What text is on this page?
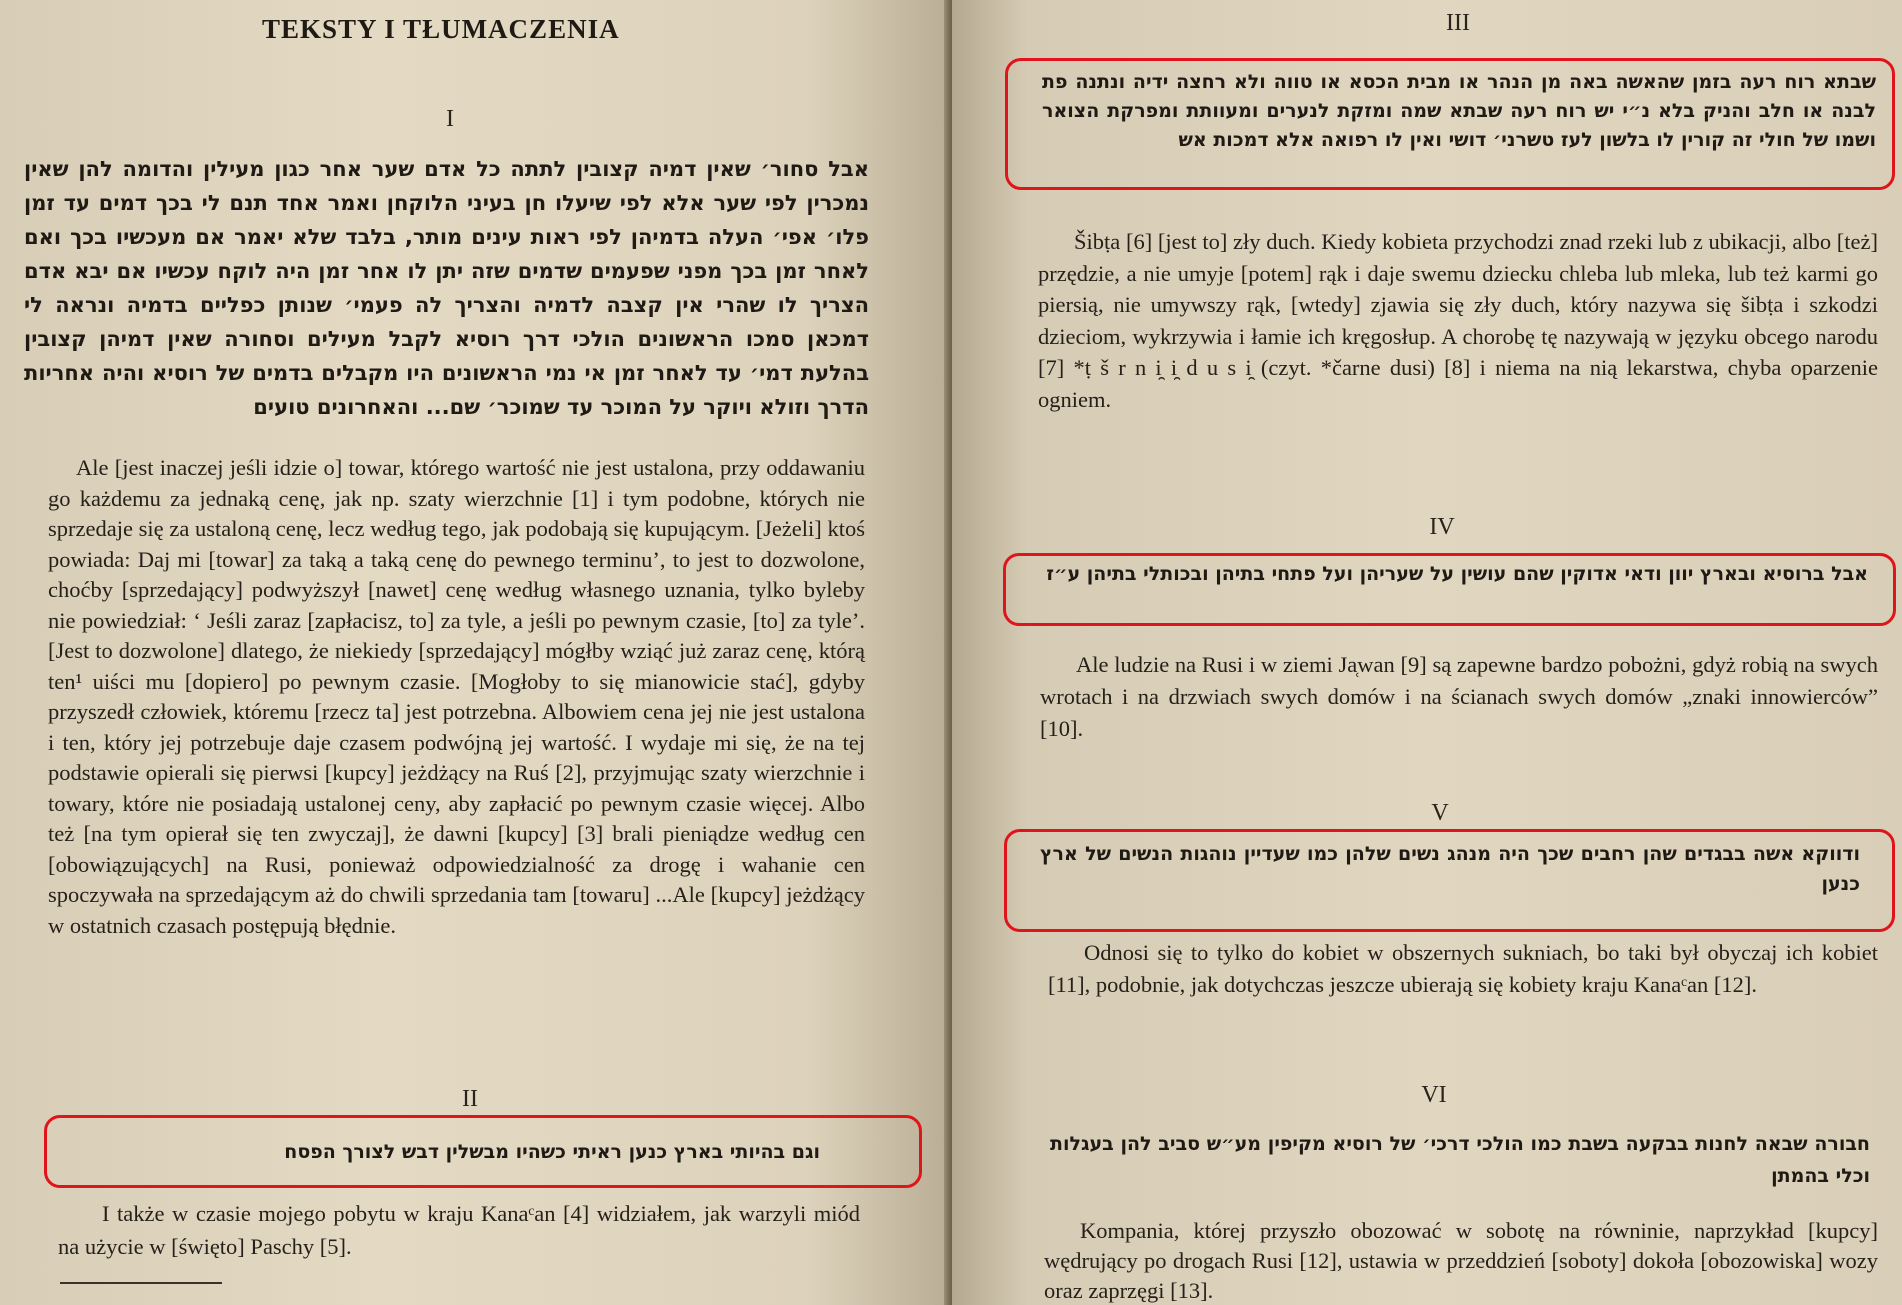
TEKSTY I TŁUMACZENIA
I
אבל סחור׳ שאין דמיה קצובין לתתה כל אדם שער אחר כגון מעילין והדומה להן שאין נמכרין לפי שער אלא לפי שיעלו חן בעיני הלוקחן ואמר אחד תנם לי בכך דמים עד זמן פלו׳ אפי׳ העלה בדמיהן לפי ראות עינים מותר, בלבד שלא יאמר אם מעכשיו בכך ואם לאחר זמן בכך מפני שפעמים שדמים שזה יתן לו אחר זמן היה לוקח עכשיו אם יבא אדם הצריך לו שהרי אין קצבה לדמיה והצריך לה פעמי׳ שנותן כפליים בדמיה ונראה לי דמכאן סמכו הראשונים הולכי דרך רוסיא לקבל מעילים וסחורה שאין דמיהן קצובין בהלעת דמי׳ עד לאחר זמן אי נמי הראשונים היו מקבלים בדמים של רוסיא והיה אחריות הדרך וזולא ויוקר על המוכר עד שמוכר׳ שם... והאחרונים טועים
Ale [jest inaczej jeśli idzie o] towar, którego wartość nie jest ustalona, przy oddawaniu go każdemu za jednaką cenę, jak np. szaty wierzchnie [1] i tym podobne, których nie sprzedaje się za ustaloną cenę, lecz według tego, jak podobają się kupującym. [Jeżeli] ktoś powiada: Daj mi [towar] za taką a taką cenę do pewnego terminu’, to jest to dozwolone, choćby [sprzedający] podwyższył [nawet] cenę według własnego uznania, tylko byleby nie powiedział: ‘ Jeśli zaraz [zapłacisz, to] za tyle, a jeśli po pewnym czasie, [to] za tyle’. [Jest to dozwolone] dlatego, że niekiedy [sprzedający] mógłby wziąć już zaraz cenę, którą ten¹ uiści mu [dopiero] po pewnym czasie. [Mogłoby to się mianowicie stać], gdyby przyszedł człowiek, któremu [rzecz ta] jest potrzebna. Albowiem cena jej nie jest ustalona i ten, który jej potrzebuje daje czasem podwójną jej wartość. I wydaje mi się, że na tej podstawie opierali się pierwsi [kupcy] jeżdżący na Ruś [2], przyjmując szaty wierzchnie i towary, które nie posiadają ustalonej ceny, aby zapłacić po pewnym czasie więcej. Albo też [na tym opierał się ten zwyczaj], że dawni [kupcy] [3] brali pieniądze według cen [obowiązujących] na Rusi, ponieważ odpowiedzialność za drogę i wahanie cen spoczywała na sprzedającym aż do chwili sprzedania tam [towaru] ...Ale [kupcy] jeżdżący w ostatnich czasach postępują błędnie.
II
וגם בהיותי בארץ כנען ראיתי כשהיו מבשלין דבש לצורך הפסח
I także w czasie mojego pobytu w kraju Kanaᶜan [4] widziałem, jak warzyli miód na użycie w [święto] Paschy [5].
III
שבתא רוח רעה בזמן שהאשה באה מן הנהר או מבית הכסא או טווה ולא רחצה ידיה ונתנה פת לבנה או חלב והניק בלא נ״י יש רוח רעה שבתא שמה ומזקת לנערים ומעוותת ומפרקת הצואר ושמו של חולי זה קורין לו בלשון לעז טשרני׳ דושי ואין לו רפואה אלא דמכות אש
Šibṭa [6] [jest to] zły duch. Kiedy kobieta przychodzi znad rzeki lub z ubikacji, albo [też] przędzie, a nie umyje [potem] rąk i daje swemu dziecku chleba lub mleka, lub też karmi go piersią, nie umywszy rąk, [wtedy] zjawia się zły duch, który nazywa się šibṭa i szkodzi dzieciom, wykrzywia i łamie ich kręgosłup. A chorobę tę nazywają w języku obcego narodu [7] *ṭ š r n i̯ i̯ d u s i̯ (czyt. *čarne dusi) [8] i niema na nią lekarstwa, chyba oparzenie ogniem.
IV
אבל ברוסיא ובארץ יוון ודאי אדוקין שהם עושין על שעריהן ועל פתחי בתיהן ובכותלי בתיהן ע״ז
Ale ludzie na Rusi i w ziemi Ja̜wan [9] są zapewne bardzo pobożni, gdyż robią na swych wrotach i na drzwiach swych domów i na ścianach swych domów „znaki innowierców” [10].
V
ודווקא אשה בבגדים שהן רחבים שכך היה מנהג נשים שלהן כמו שעדיין נוהגות הנשים של ארץ כנען
Odnosi się to tylko do kobiet w obszernych sukniach, bo taki był obyczaj ich kobiet [11], podobnie, jak dotychczas jeszcze ubierają się kobiety kraju Kanaᶜan [12].
VI
חבורה שבאה לחנות בבקעה בשבת כמו הולכי דרכי׳ של רוסיא מקיפין מע״ש סביב להן בעגלות וכלי בהמתן
Kompania, której przyszło obozować w sobotę na równinie, naprzykład [kupcy] wędrujący po drogach Rusi [12], ustawia w przeddzień [soboty] dokoła [obozowiska] wozy oraz zaprzęgi [13].
